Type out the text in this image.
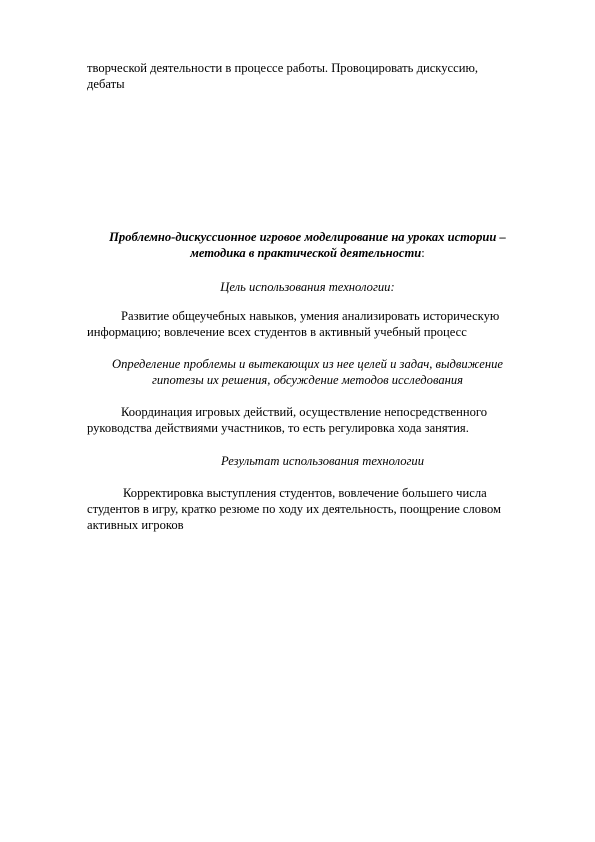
творческой деятельности в процессе работы. Провоцировать дискуссию,
дебаты

Проблемно-дискуссионное игровое моделирование на уроках истории –
методика в практической деятельности:

Цель использования технологии:

Развитие общеучебных навыков, умения анализировать историческую
информацию; вовлечение всех студентов в активный учебный процесс

Определение проблемы и вытекающих из нее целей и задач, выдвижение
гипотезы их решения, обсуждение методов исследования

Координация игровых действий, осуществление непосредственного
руководства действиями участников, то есть регулировка хода занятия.

Результат использования технологии

Корректировка выступления студентов, вовлечение большего числа
студентов в игру, кратко резюме по ходу их деятельность, поощрение словом
активных игроков
